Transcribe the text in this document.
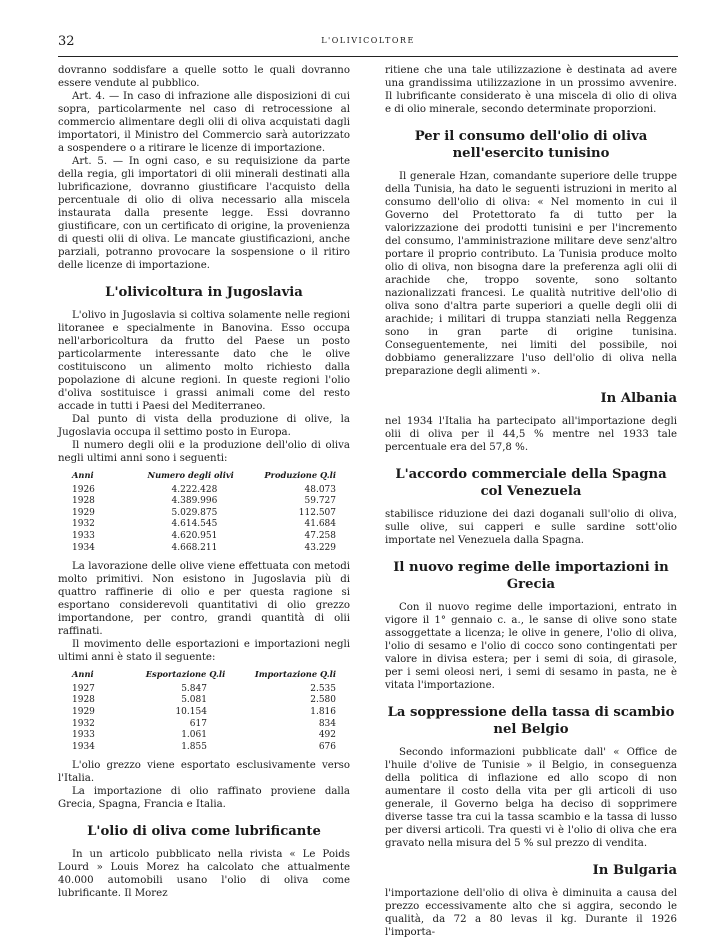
32	L'OLIVICOLTORE

dovranno soddisfare a quelle sotto le quali dovranno essere vendute al pubblico.

Art. 4. — In caso di infrazione alle disposizioni di cui sopra, particolarmente nel caso di retrocessione al commercio alimentare degli olii di oliva acquistati dagli importatori, il Ministro del Commercio sarà autorizzato a sospendere o a ritirare le licenze di importazione.

Art. 5. — In ogni caso, e su requisizione da parte della regia, gli importatori di olii minerali destinati alla lubrificazione, dovranno giustificare l'acquisto della percentuale di olio di oliva necessario alla miscela instaurata dalla presente legge. Essi dovranno giustificare, con un certificato di origine, la provenienza di questi olii di oliva. Le mancate giustificazioni, anche parziali, potranno provocare la sospensione o il ritiro delle licenze di importazione.

L'olivicoltura in Jugoslavia

L'olivo in Jugoslavia si coltiva solamente nelle regioni litoranee e specialmente in Banovina. Esso occupa nell'arboricoltura da frutto del Paese un posto particolarmente interessante dato che le olive costituiscono un alimento molto richiesto dalla popolazione di alcune regioni. In queste regioni l'olio d'oliva sostituisce i grassi animali come del resto accade in tutti i Paesi del Mediterraneo.

Dal punto di vista della produzione di olive, la Jugoslavia occupa il settimo posto in Europa.

Il numero degli olii e la produzione dell'olio di oliva negli ultimi anni sono i seguenti:

Anni	Numero degli olivi	Produzione Q.li
1926	4.222.428	48.073
1928	4.389.996	59.727
1929	5.029.875	112.507
1932	4.614.545	41.684
1933	4.620.951	47.258
1934	4.668.211	43.229

La lavorazione delle olive viene effettuata con metodi molto primitivi. Non esistono in Jugoslavia più di quattro raffinerie di olio e per questa ragione si esportano considerevoli quantitativi di olio grezzo importandone, per contro, grandi quantità di olii raffinati.

Il movimento delle esportazioni e importazioni negli ultimi anni è stato il seguente:

Anni	Esportazione Q.li	Importazione Q.li
1927	5.847	2.535
1928	5.081	2.580
1929	10.154	1.816
1932	617	834
1933	1.061	492
1934	1.855	676

L'olio grezzo viene esportato esclusivamente verso l'Italia.

La importazione di olio raffinato proviene dalla Grecia, Spagna, Francia e Italia.

L'olio di oliva come lubrificante

In un articolo pubblicato nella rivista « Le Poids Lourd » Louis Morez ha calcolato che attualmente 40.000 automobili usano l'olio di oliva come lubrificante. Il Morez

ritiene che una tale utilizzazione è destinata ad avere una grandissima utilizzazione in un prossimo avvenire. Il lubrificante considerato è una miscela di olio di oliva e di olio minerale, secondo determinate proporzioni.

Per il consumo dell'olio di oliva nell'esercito tunisino

Il generale Hzan, comandante superiore delle truppe della Tunisia, ha dato le seguenti istruzioni in merito al consumo dell'olio di oliva: « Nel momento in cui il Governo del Protettorato fa di tutto per la valorizzazione dei prodotti tunisini e per l'incremento del consumo, l'amministrazione militare deve senz'altro portare il proprio contributo. La Tunisia produce molto olio di oliva, non bisogna dare la preferenza agli olii di arachide che, troppo sovente, sono soltanto nazionalizzati francesi. Le qualità nutritive dell'olio di oliva sono d'altra parte superiori a quelle degli olii di arachide; i militari di truppa stanziati nella Reggenza sono in gran parte di origine tunisina. Conseguentemente, nei limiti del possibile, noi dobbiamo generalizzare l'uso dell'olio di oliva nella preparazione degli alimenti ».

In Albania

nel 1934 l'Italia ha partecipato all'importazione degli olii di oliva per il 44,5 % mentre nel 1933 tale percentuale era del 57,8 %.

L'accordo commerciale della Spagna col Venezuela

stabilisce riduzione dei dazi doganali sull'olio di oliva, sulle olive, sui capperi e sulle sardine sott'olio importate nel Venezuela dalla Spagna.

Il nuovo regime delle importazioni in Grecia

Con il nuovo regime delle importazioni, entrato in vigore il 1° gennaio c. a., le sanse di olive sono state assoggettate a licenza; le olive in genere, l'olio di oliva, l'olio di sesamo e l'olio di cocco sono contingentati per valore in divisa estera; per i semi di soia, di girasole, per i semi oleosi neri, i semi di sesamo in pasta, ne è vitata l'importazione.

La soppressione della tassa di scambio nel Belgio

Secondo informazioni pubblicate dall' « Office de l'huile d'olive de Tunisie » il Belgio, in conseguenza della politica di inflazione ed allo scopo di non aumentare il costo della vita per gli articoli di uso generale, il Governo belga ha deciso di sopprimere diverse tasse tra cui la tassa scambio e la tassa di lusso per diversi articoli. Tra questi vi è l'olio di oliva che era gravato nella misura del 5 % sul prezzo di vendita.

In Bulgaria

l'importazione dell'olio di oliva è diminuita a causa del prezzo eccessivamente alto che si aggira, secondo le qualità, da 72 a 80 levas il kg. Durante il 1926 l'importa-
